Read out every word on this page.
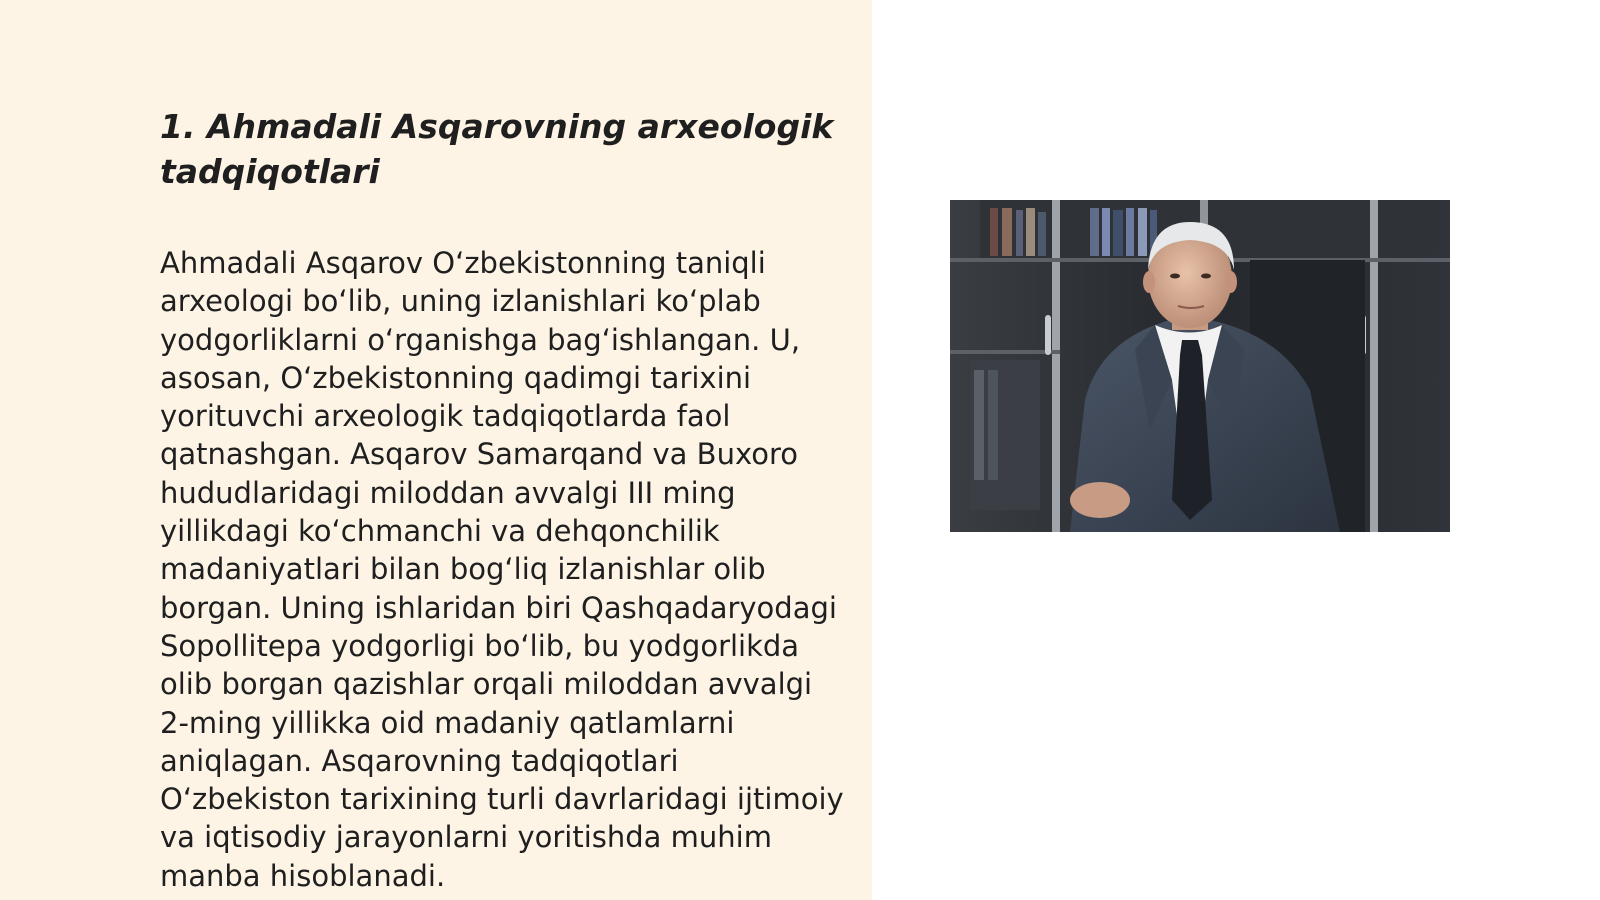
1. Ahmadali Asqarovning arxeologik tadqiqotlari

Ahmadali Asqarov O‘zbekistonning taniqli arxeologi bo‘lib, uning izlanishlari ko‘plab yodgorliklarni o‘rganishga bag‘ishlangan. U, asosan, O‘zbekistonning qadimgi tarixini yorituvchi arxeologik tadqiqotlarda faol qatnashgan. Asqarov Samarqand va Buxoro hududlaridagi miloddan avvalgi III ming yillikdagi ko‘chmanchi va dehqonchilik madaniyatlari bilan bog‘liq izlanishlar olib borgan. Uning ishlaridan biri Qashqadaryodagi Sopollitepa yodgorligi bo‘lib, bu yodgorlikda olib borgan qazishlar orqali miloddan avvalgi 2-ming yillikka oid madaniy qatlamlarni aniqlagan. Asqarovning tadqiqotlari O‘zbekiston tarixining turli davrlaridagi ijtimoiy va iqtisodiy jarayonlarni yoritishda muhim manba hisoblanadi.
